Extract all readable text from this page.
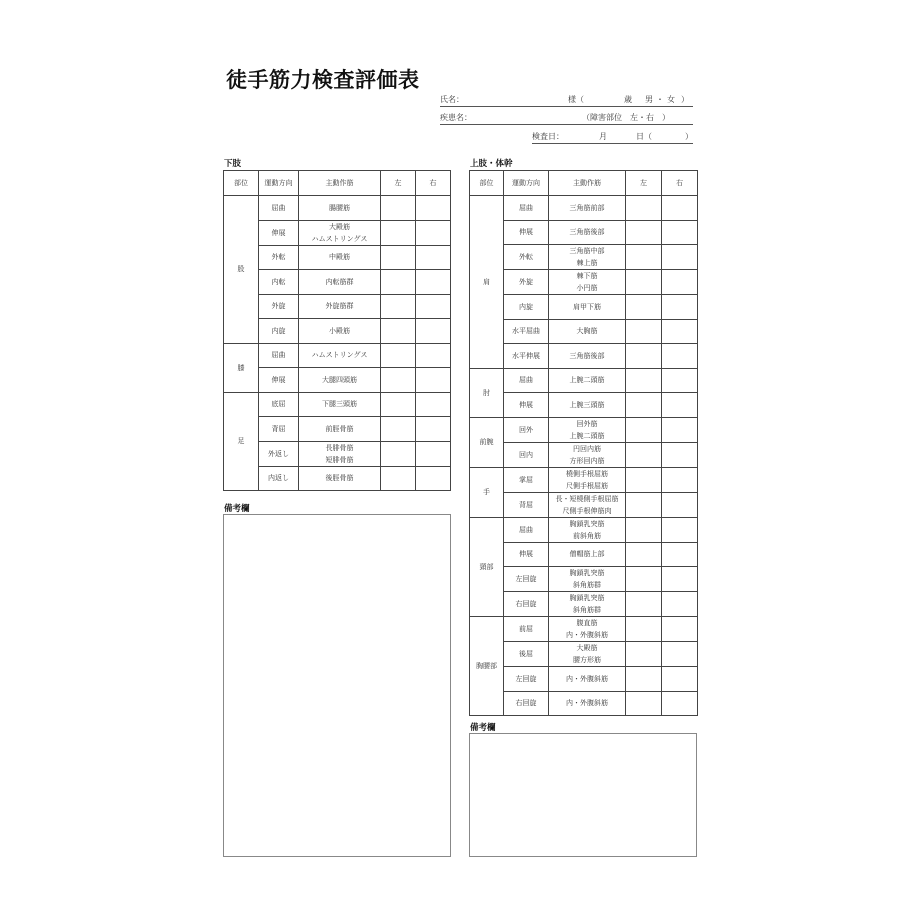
徒手筋力検査評価表
氏名：	様（	歳 男・女 ）
疾患名：	（障害部位　左・右　）
検査日：	月	日（	）
下肢
部位	運動方向	主動作筋	左	右
股	屈曲	腸腰筋		

	伸展	大殿筋
ハムストリングス		

	外転	中殿筋		

	内転	内転筋群		

	外旋	外旋筋群		

	内旋	小殿筋		

膝	屈曲	ハムストリングス		

	伸展	大腿四頭筋		

足	底屈	下腿三頭筋		

	背屈	前脛骨筋		

	外返し	長腓骨筋
短腓骨筋		

	内返し	後脛骨筋		

備考欄
上肢・体幹
部位	運動方向	主動作筋	左	右
肩	屈曲	三角筋前部		

	伸展	三角筋後部		

	外転	三角筋中部
棘上筋		

	外旋	棘下筋
小円筋		

	内旋	肩甲下筋		

	水平屈曲	大胸筋		

	水平伸展	三角筋後部		

肘	屈曲	上腕二頭筋		

	伸展	上腕三頭筋		

前腕	回外	回外筋
上腕二頭筋		

	回内	円回内筋
方形回内筋		

手	掌屈	橈側手根屈筋
尺側手根屈筋		

	背屈	長・短橈側手根屈筋
尺側手根伸筋肉		

頸部	屈曲	胸鎖乳突筋
前斜角筋		

	伸展	僧帽筋上部		

	左回旋	胸鎖乳突筋
斜角筋群		

	右回旋	胸鎖乳突筋
斜角筋群		

胸腰部	前屈	腹直筋
内・外腹斜筋		

	後屈	大殿筋
腰方形筋		

	左回旋	内・外腹斜筋		

	右回旋	内・外腹斜筋		

備考欄
